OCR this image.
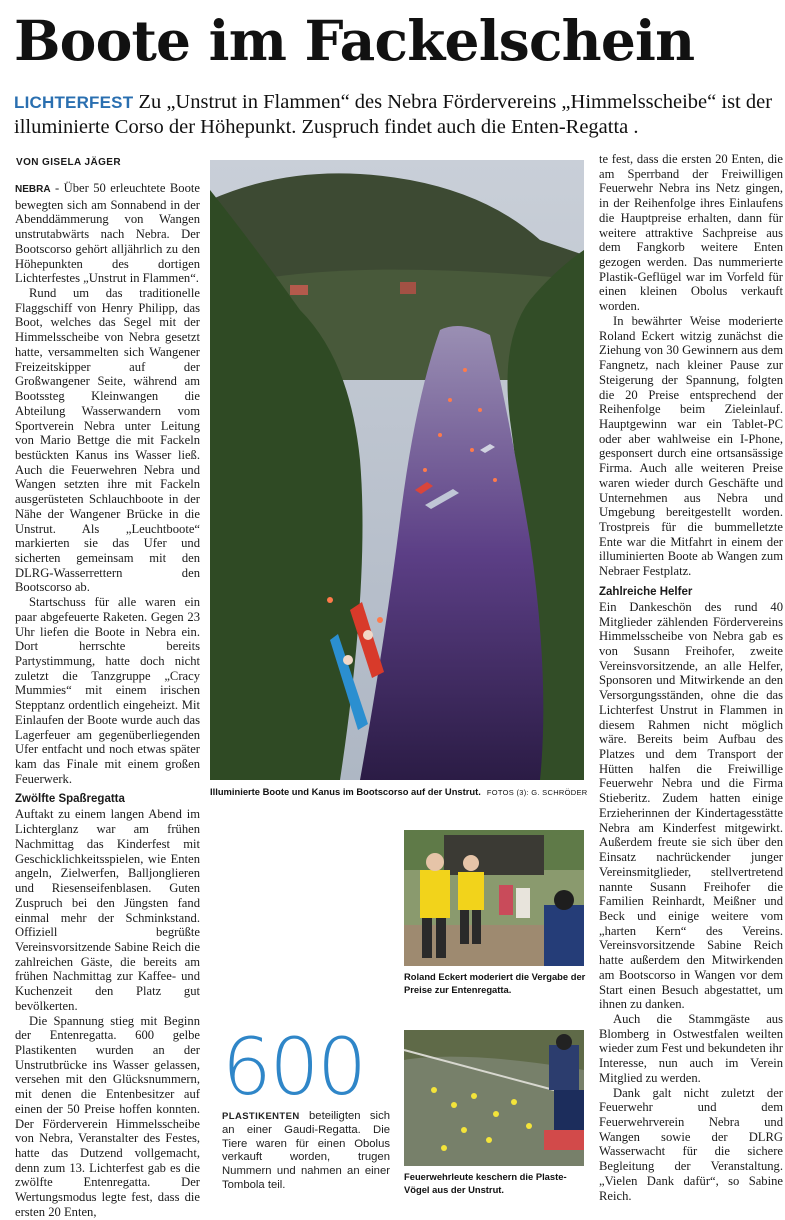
Boote im Fackelschein
LICHTERFEST Zu „Unstrut in Flammen“ des Nebra Fördervereins „Himmelsscheibe“ ist der illuminierte Corso der Höhepunkt. Zuspruch findet auch die Enten-Regatta .
VON GISELA JÄGER

NEBRA - Über 50 erleuchtete Boote bewegten sich am Sonnabend in der Abenddämmerung von Wangen unstrutabwärts nach Nebra. Der Bootscorso gehört alljährlich zu den Höhepunkten des dortigen Lichterfestes „Unstrut in Flammen“.

Rund um das traditionelle Flaggschiff von Henry Philipp, das Boot, welches das Segel mit der Himmelsscheibe von Nebra gesetzt hatte, versammelten sich Wangener Freizeitskipper auf der Großwangener Seite, während am Bootssteg Kleinwangen die Abteilung Wasserwandern vom Sportverein Nebra unter Leitung von Mario Bettge die mit Fackeln bestückten Kanus ins Wasser ließ. Auch die Feuerwehren Nebra und Wangen setzten ihre mit Fackeln ausgerüsteten Schlauchboote in der Nähe der Wangener Brücke in die Unstrut. Als „Leuchtboote“ markierten sie das Ufer und sicherten gemeinsam mit den DLRG-Wasserrettern den Bootscorso ab.

Startschuss für alle waren ein paar abgefeuerte Raketen. Gegen 23 Uhr liefen die Boote in Nebra ein. Dort herrschte bereits Partystimmung, hatte doch nicht zuletzt die Tanzgruppe „Cracy Mummies“ mit einem irischen Stepptanz ordentlich eingeheizt. Mit Einlaufen der Boote wurde auch das Lagerfeuer am gegenüberliegenden Ufer entfacht und noch etwas später kam das Finale mit einem großen Feuerwerk.

Zwölfte Spaßregatta

Auftakt zu einem langen Abend im Lichterglanz war am frühen Nachmittag das Kinderfest mit Geschicklichkeitsspielen, wie Enten angeln, Zielwerfen, Balljonglieren und Riesenseifenblasen. Guten Zuspruch bei den Jüngsten fand einmal mehr der Schminkstand. Offiziell begrüßte Vereinsvorsitzende Sabine Reich die zahlreichen Gäste, die bereits am frühen Nachmittag zur Kaffee- und Kuchenzeit den Platz gut bevölkerten.

Die Spannung stieg mit Beginn der Entenregatta. 600 gelbe Plastikenten wurden an der Unstrutbrücke ins Wasser gelassen, versehen mit den Glücksnummern, mit denen die Entenbesitzer auf einen der 50 Preise hoffen konnten. Der Förderverein Himmelsscheibe von Nebra, Veranstalter des Festes, hatte das Dutzend vollgemacht, denn zum 13. Lichterfest gab es die zwölfte Entenregatta. Der Wertungsmodus legte fest, dass die ersten 20 Enten,

Illuminierte Boote und Kanus im Bootscorso auf der Unstrut. FOTOS (3): G. SCHRÖDER
Roland Eckert moderiert die Vergabe der Preise zur Entenregatta.
600
PLASTIKENTEN beteiligten sich an einer Gaudi-Regatta. Die Tiere waren für einen Obolus verkauft worden, trugen Nummern und nahmen an einer Tombola teil.
Feuerwehrleute keschern die Plaste-Vögel aus der Unstrut.

te fest, dass die ersten 20 Enten, die am Sperrband der Freiwilligen Feuerwehr Nebra ins Netz gingen, in der Reihenfolge ihres Einlaufens die Hauptpreise erhalten, dann für weitere attraktive Sachpreise aus dem Fangkorb weitere Enten gezogen werden. Das nummerierte Plastik-Geflügel war im Vorfeld für einen kleinen Obolus verkauft worden.

In bewährter Weise moderierte Roland Eckert witzig zunächst die Ziehung von 30 Gewinnern aus dem Fangnetz, nach kleiner Pause zur Steigerung der Spannung, folgten die 20 Preise entsprechend der Reihenfolge beim Zieleinlauf. Hauptgewinn war ein Tablet-PC oder aber wahlweise ein I-Phone, gesponsert durch eine ortsansässige Firma. Auch alle weiteren Preise waren wieder durch Geschäfte und Unternehmen aus Nebra und Umgebung bereitgestellt worden. Trostpreis für die bummelletzte Ente war die Mitfahrt in einem der illuminierten Boote ab Wangen zum Nebraer Festplatz.

Zahlreiche Helfer

Ein Dankeschön des rund 40 Mitglieder zählenden Fördervereins Himmelsscheibe von Nebra gab es von Susann Freihofer, zweite Vereinsvorsitzende, an alle Helfer, Sponsoren und Mitwirkende an den Versorgungsständen, ohne die das Lichterfest Unstrut in Flammen in diesem Rahmen nicht möglich wäre. Bereits beim Aufbau des Platzes und dem Transport der Hütten halfen die Freiwillige Feuerwehr Nebra und die Firma Stieberitz. Zudem hatten einige Erzieherinnen der Kindertagesstätte Nebra am Kinderfest mitgewirkt. Außerdem freute sie sich über den Einsatz nachrückender junger Vereinsmitglieder, stellvertretend nannte Susann Freihofer die Familien Reinhardt, Meißner und Beck und einige weitere vom „harten Kern“ des Vereins. Vereinsvorsitzende Sabine Reich hatte außerdem den Mitwirkenden am Bootscorso in Wangen vor dem Start einen Besuch abgestattet, um ihnen zu danken.

Auch die Stammgäste aus Blomberg in Ostwestfalen weilten wieder zum Fest und bekundeten ihr Interesse, nun auch im Verein Mitglied zu werden.

Dank galt nicht zuletzt der Feuerwehr und dem Feuerwehrverein Nebra und Wangen sowie der DLRG Wasserwacht für die sichere Begleitung der Veranstaltung. „Vielen Dank dafür“, so Sabine Reich.
